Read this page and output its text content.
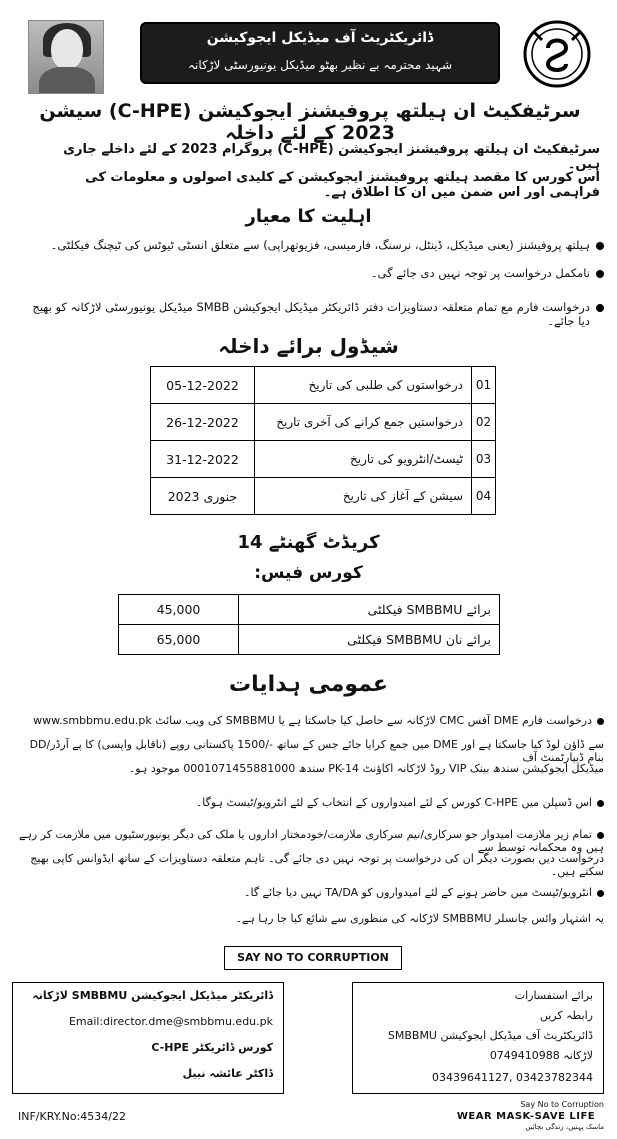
ڈائریکٹریٹ آف میڈیکل ایجوکیشن
شہید محترمہ بے نظیر بھٹو میڈیکل یونیورسٹی لاڑکانہ
سرٹیفکیٹ ان ہیلتھ پروفیشنز ایجوکیشن (C-HPE) سیشن 2023 کے لئے داخلہ
سرٹیفکیٹ ان ہیلتھ پروفیشنز ایجوکیشن (C-HPE) پروگرام 2023 کے لئے داخلے جاری ہیں۔
اس کورس کا مقصد ہیلتھ پروفیشنز ایجوکیشن کے کلیدی اصولوں و معلومات کی فراہمی اور اس ضمن میں ان کا اطلاق ہے۔
اہلیت کا معیار
ہیلتھ پروفیشنز (یعنی میڈیکل، ڈینٹل، نرسنگ، فارمیسی، فزیوتھراپی) سے متعلق انسٹی ٹیوٹس کی ٹیچنگ فیکلٹی۔
نامکمل درخواست پر توجہ نہیں دی جائے گی۔
درخواست فارم مع تمام متعلقہ دستاویزات دفتر ڈائریکٹر میڈیکل ایجوکیشن SMBB میڈیکل یونیورسٹی لاڑکانہ کو بھیج دیا جائے۔
شیڈول برائے داخلہ
05-12-2022	درخواستوں کی طلبی کی تاریخ	01
26-12-2022	درخواستیں جمع کرانے کی آخری تاریخ	02
31-12-2022	ٹیسٹ/انٹرویو کی تاریخ	03
جنوری 2023	سیشن کے آغاز کی تاریخ	04
کریڈٹ گھنٹے 14
کورس فیس:
45,000	برائے SMBBMU فیکلٹی
65,000	برائے نان SMBBMU فیکلٹی
عمومی ہدایات
درخواست فارم DME آفس CMC لاڑکانہ سے حاصل کیا جاسکتا ہے یا SMBBMU کی ویب سائٹ www.smbbmu.edu.pk
سے ڈاؤن لوڈ کیا جاسکتا ہے اور DME میں جمع کرایا جائے جس کے ساتھ -/1500 پاکستانی روپے (ناقابل واپسی) کا پے آرڈر/DD بنام ڈیپارٹمنٹ آف
میڈیکل ایجوکیشن سندھ بینک VIP روڈ لاڑکانہ اکاؤنٹ PK-14 سندھ 0001071455881000 موجود ہو۔
اس ڈسپلن میں C-HPE کورس کے لئے امیدواروں کے انتخاب کے لئے انٹرویو/ٹیسٹ ہوگا۔
تمام زیر ملازمت امیدوار جو سرکاری/نیم سرکاری ملازمت/خودمختار اداروں یا ملک کی دیگر یونیورسٹیوں میں ملازمت کر رہے ہیں وہ محکمانہ توسط سے
درخواست دیں بصورت دیگر ان کی درخواست پر توجہ نہیں دی جائے گی۔ تاہم متعلقہ دستاویزات کے ساتھ ایڈوانس کاپی بھیج سکتے ہیں۔
انٹرویو/ٹیسٹ میں حاضر ہونے کے لئے امیدواروں کو TA/DA نہیں دیا جائے گا۔
یہ اشتہار وائس چانسلر SMBBMU لاڑکانہ کی منظوری سے شائع کیا جا رہا ہے۔
SAY NO TO CORRUPTION
ڈائریکٹر میڈیکل ایجوکیشن SMBBMU لاڑکانہ
Email:director.dme@smbbmu.edu.pk
کورس ڈائریکٹر C-HPE
ڈاکٹر عائشہ نبیل
برائے استفسارات
رابطہ کریں
ڈائریکٹریٹ آف میڈیکل ایجوکیشن SMBBMU
لاڑکانہ 0749410988
03439641127, 03423782344
Say No to Corruption
WEAR MASK-SAVE LIFE
ماسک پہنیں، زندگی بچائیں
INF/KRY.No:4534/22
